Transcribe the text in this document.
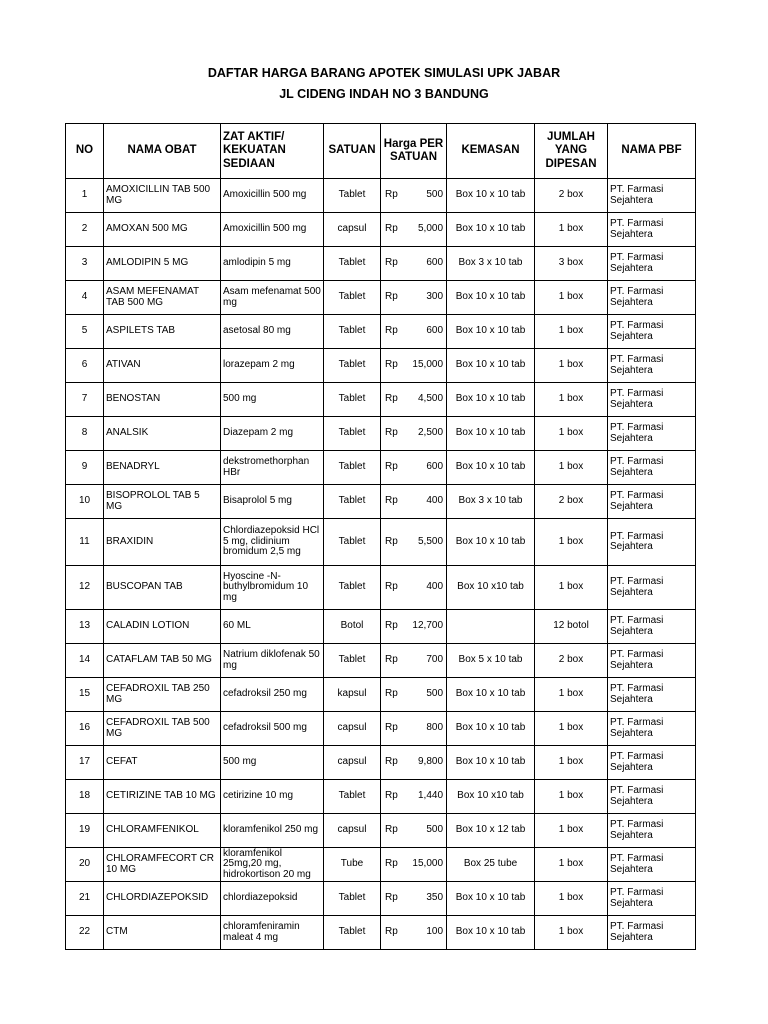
DAFTAR HARGA BARANG APOTEK SIMULASI UPK JABAR
JL CIDENG INDAH NO 3 BANDUNG
NO	NAMA OBAT	ZAT AKTIF/ KEKUATAN SEDIAAN	SATUAN	Harga PER SATUAN		KEMASAN	JUMLAH YANG DIPESAN	NAMA PBF
1	AMOXICILLIN TAB 500 MG	Amoxicillin 500 mg	Tablet	Rp	500	Box 10 x 10 tab	2 box	PT. Farmasi Sejahtera
2	AMOXAN 500 MG	Amoxicillin 500 mg	capsul	Rp	5,000	Box 10 x 10 tab	1 box	PT. Farmasi Sejahtera
3	AMLODIPIN 5 MG	amlodipin 5 mg	Tablet	Rp	600	Box 3 x 10 tab	3 box	PT. Farmasi Sejahtera
4	ASAM MEFENAMAT TAB 500 MG	Asam mefenamat 500 mg	Tablet	Rp	300	Box 10 x 10 tab	1 box	PT. Farmasi Sejahtera
5	ASPILETS TAB	asetosal 80 mg	Tablet	Rp	600	Box 10 x 10 tab	1 box	PT. Farmasi Sejahtera
6	ATIVAN	lorazepam 2 mg	Tablet	Rp	15,000	Box 10 x 10 tab	1 box	PT. Farmasi Sejahtera
7	BENOSTAN	500 mg	Tablet	Rp	4,500	Box 10 x 10 tab	1 box	PT. Farmasi Sejahtera
8	ANALSIK	Diazepam 2 mg	Tablet	Rp	2,500	Box 10 x 10 tab	1 box	PT. Farmasi Sejahtera
9	BENADRYL	dekstromethorphan HBr	Tablet	Rp	600	Box 10 x 10 tab	1 box	PT. Farmasi Sejahtera
10	BISOPROLOL TAB 5 MG	Bisaprolol 5 mg	Tablet	Rp	400	Box 3 x 10 tab	2 box	PT. Farmasi Sejahtera
11	BRAXIDIN	Chlordiazepoksid HCl 5 mg, clidinium bromidum 2,5 mg	Tablet	Rp	5,500	Box 10 x 10 tab	1 box	PT. Farmasi Sejahtera
12	BUSCOPAN TAB	Hyoscine -N-buthylbromidum 10 mg	Tablet	Rp	400	Box 10 x10 tab	1 box	PT. Farmasi Sejahtera
13	CALADIN LOTION	60 ML	Botol	Rp	12,700		12 botol	PT. Farmasi Sejahtera
14	CATAFLAM TAB 50 MG	Natrium diklofenak 50 mg	Tablet	Rp	700	Box 5 x 10 tab	2 box	PT. Farmasi Sejahtera
15	CEFADROXIL TAB 250 MG	cefadroksil 250 mg	kapsul	Rp	500	Box 10 x 10 tab	1 box	PT. Farmasi Sejahtera
16	CEFADROXIL TAB 500 MG	cefadroksil 500 mg	capsul	Rp	800	Box 10 x 10 tab	1 box	PT. Farmasi Sejahtera
17	CEFAT	500 mg	capsul	Rp	9,800	Box 10 x 10 tab	1 box	PT. Farmasi Sejahtera
18	CETIRIZINE TAB 10 MG	cetirizine 10 mg	Tablet	Rp	1,440	Box 10 x10 tab	1 box	PT. Farmasi Sejahtera
19	CHLORAMFENIKOL	kloramfenikol 250 mg	capsul	Rp	500	Box 10 x 12 tab	1 box	PT. Farmasi Sejahtera
20	CHLORAMFECORT CR 10 MG	kloramfenikol 25mg,20 mg, hidrokortison 20 mg	Tube	Rp	15,000	Box 25 tube	1 box	PT. Farmasi Sejahtera
21	CHLORDIAZEPOKSID	chlordiazepoksid	Tablet	Rp	350	Box 10 x 10 tab	1 box	PT. Farmasi Sejahtera
22	CTM	chloramfeniramin maleat 4 mg	Tablet	Rp	100	Box 10 x 10 tab	1 box	PT. Farmasi Sejahtera
